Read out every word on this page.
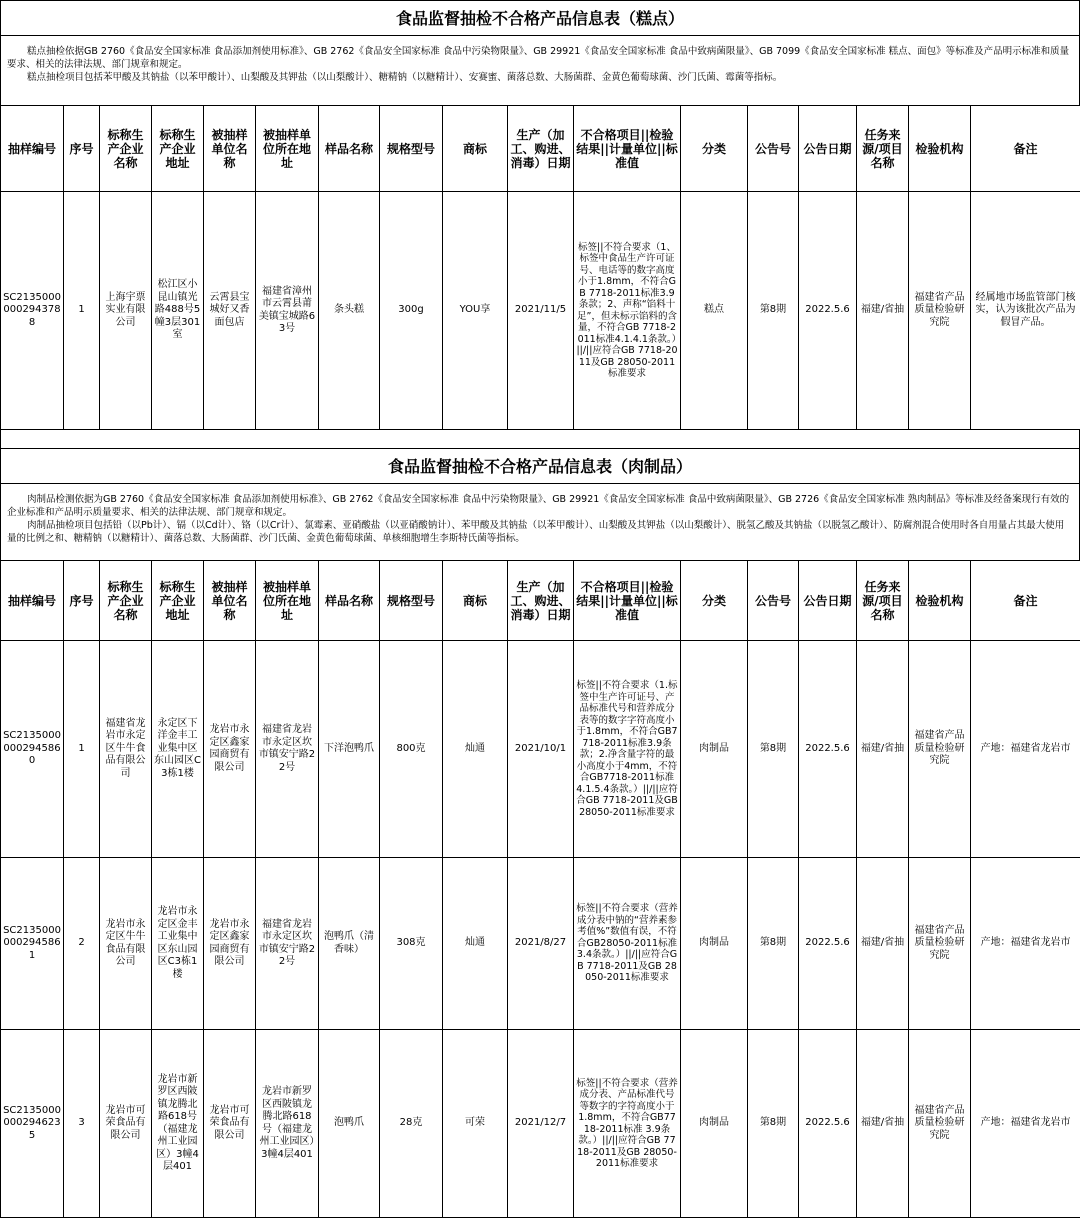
食品监督抽检不合格产品信息表（糕点）

糕点抽检依据GB 2760《食品安全国家标准 食品添加剂使用标准》、GB 2762《食品安全国家标准 食品中污染物限量》、GB 29921《食品安全国家标准 食品中致病菌限量》、GB 7099《食品安全国家标准 糕点、面包》等标准及产品明示标准和质量要求、相关的法律法规、部门规章和规定。

糕点抽检项目包括苯甲酸及其钠盐（以苯甲酸计）、山梨酸及其钾盐（以山梨酸计）、糖精钠（以糖精计）、安赛蜜、菌落总数、大肠菌群、金黄色葡萄球菌、沙门氏菌、霉菌等指标。

抽样编号	序号	标称生产企业名称	标称生产企业地址	被抽样单位名称	被抽样单位所在地址	样品名称	规格型号	商标	生产（加工、购进、消毒）日期	不合格项目||检验结果||计量单位||标准值	分类	公告号	公告日期	任务来源/项目名称	检验机构	备注
SC21350000002943788	1	上海宇票实业有限公司	松江区小昆山镇光路488号5幢3层301室	云霄县宝城好又香面包店	福建省漳州市云霄县莆美镇宝城路63号	条头糕	300g	YOU享	2021/11/5	标签||不符合要求（1、标签中食品生产许可证号、电话等的数字高度小于1.8mm，不符合GB 7718-2011标准3.9条款；2、声称“馅料十足”，但未标示馅料的含量，不符合GB 7718-2011标准4.1.4.1条款。）||/||应符合GB 7718-2011及GB 28050-2011标准要求	糕点	第8期	2022.5.6	福建/省抽	福建省产品质量检验研究院	经属地市场监管部门核实，认为该批次产品为假冒产品。
食品监督抽检不合格产品信息表（肉制品）

肉制品检测依据为GB 2760《食品安全国家标准 食品添加剂使用标准》、GB 2762《食品安全国家标准 食品中污染物限量》、GB 29921《食品安全国家标准 食品中致病菌限量》、GB 2726《食品安全国家标准 熟肉制品》等标准及经备案现行有效的企业标准和产品明示质量要求、相关的法律法规、部门规章和规定。

肉制品抽检项目包括铅（以Pb计）、镉（以Cd计）、铬（以Cr计）、氯霉素、亚硝酸盐（以亚硝酸钠计）、苯甲酸及其钠盐（以苯甲酸计）、山梨酸及其钾盐（以山梨酸计）、脱氢乙酸及其钠盐（以脱氢乙酸计）、防腐剂混合使用时各自用量占其最大使用量的比例之和、糖精钠（以糖精计）、菌落总数、大肠菌群、沙门氏菌、金黄色葡萄球菌、单核细胞增生李斯特氏菌等指标。

抽样编号	序号	标称生产企业名称	标称生产企业地址	被抽样单位名称	被抽样单位所在地址	样品名称	规格型号	商标	生产（加工、购进、消毒）日期	不合格项目||检验结果||计量单位||标准值	分类	公告号	公告日期	任务来源/项目名称	检验机构	备注
SC21350000002945860	1	福建省龙岩市永定区牛牛食品有限公司	永定区下洋金丰工业集中区东山园区C3栋1楼	龙岩市永定区鑫家园商贸有限公司	福建省龙岩市永定区坎市镇安宁路22号	下洋泡鸭爪	800克	灿通	2021/10/1	标签||不符合要求（1.标签中生产许可证号、产品标准代号和营养成分表等的数字字符高度小于1.8mm，不符合GB7718-2011标准3.9条款；2.净含量字符的最小高度小于4mm，不符合GB7718-2011标准4.1.5.4条款。）||/||应符合GB 7718-2011及GB 28050-2011标准要求	肉制品	第8期	2022.5.6	福建/省抽	福建省产品质量检验研究院	产地：福建省龙岩市
SC21350000002945861	2	龙岩市永定区牛牛食品有限公司	龙岩市永定区金丰工业集中区东山园区C3栋1楼	龙岩市永定区鑫家园商贸有限公司	福建省龙岩市永定区坎市镇安宁路22号	泡鸭爪（清香味）	308克	灿通	2021/8/27	标签||不符合要求（营养成分表中钠的“营养素参考值%”数值有误，不符合GB28050-2011标准3.4条款。）||/||应符合GB 7718-2011及GB 28050-2011标准要求	肉制品	第8期	2022.5.6	福建/省抽	福建省产品质量检验研究院	产地：福建省龙岩市
SC21350000002946235	3	龙岩市可荣食品有限公司	龙岩市新罗区西陂镇龙腾北路618号（福建龙州工业园区）3幢4层401	龙岩市可荣食品有限公司	龙岩市新罗区西陂镇龙腾北路618号（福建龙州工业园区）3幢4层401	泡鸭爪	28克	可荣	2021/12/7	标签||不符合要求（营养成分表、产品标准代号等数字的字符高度小于1.8mm，不符合GB7718-2011标准 3.9条款。）||/||应符合GB 7718-2011及GB 28050-2011标准要求	肉制品	第8期	2022.5.6	福建/省抽	福建省产品质量检验研究院	产地：福建省龙岩市
